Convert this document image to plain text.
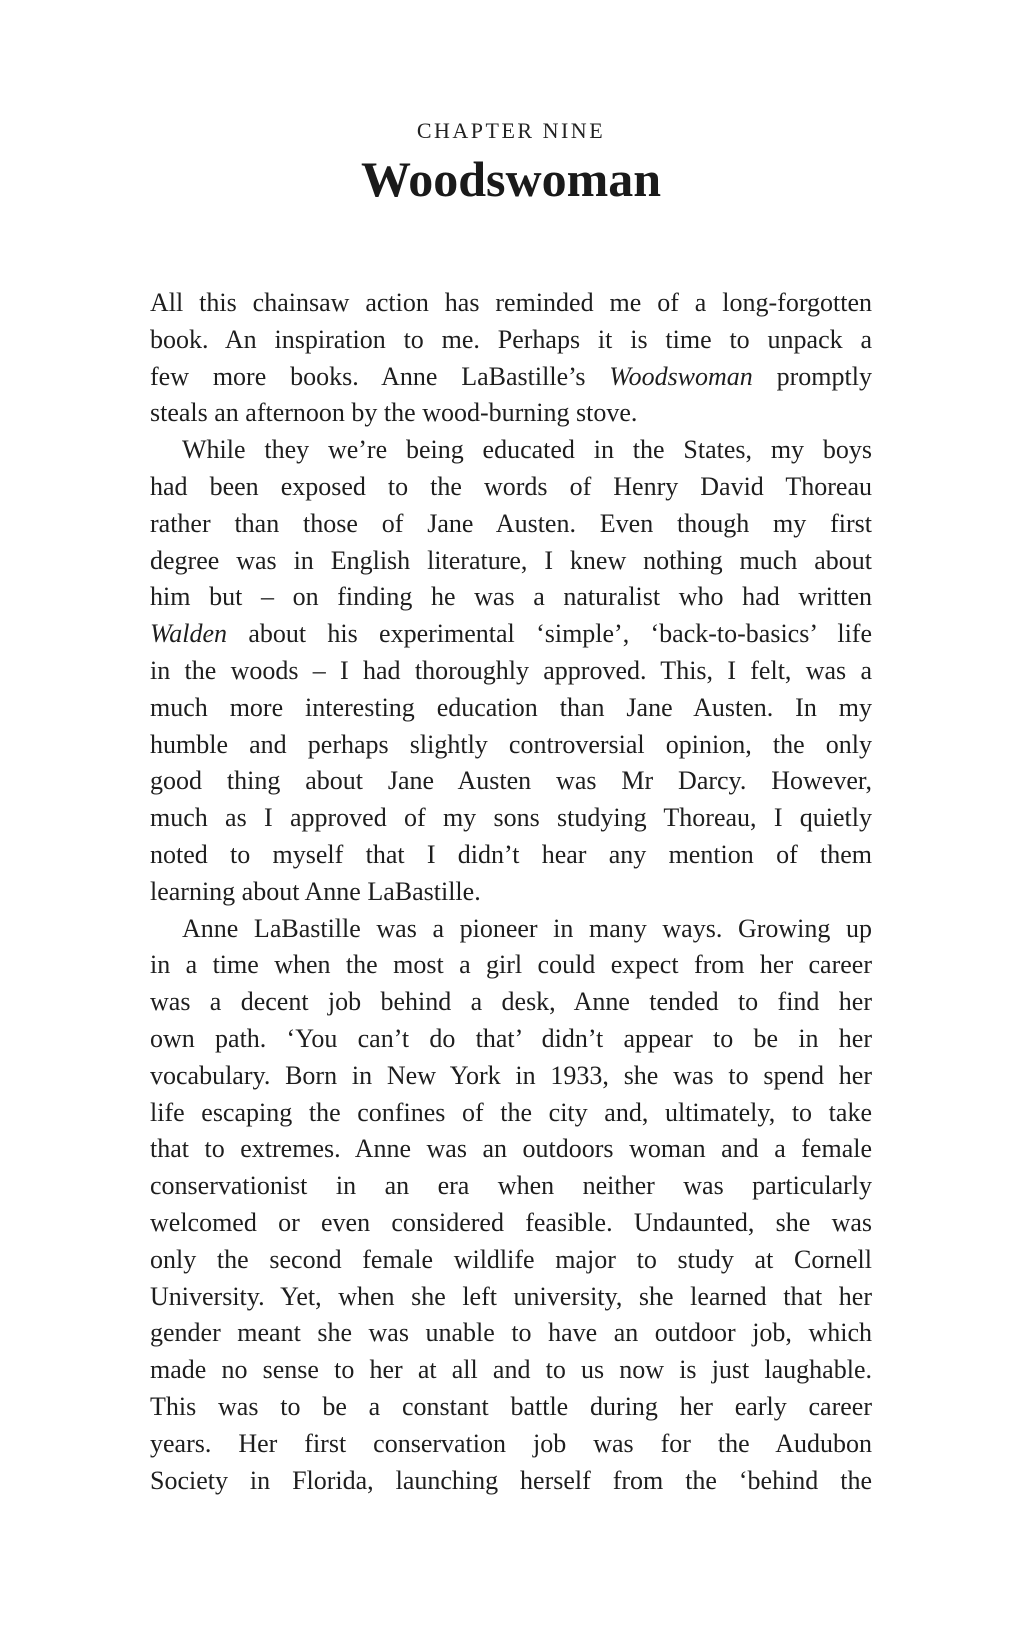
CHAPTER NINE
Woodswoman
All this chainsaw action has reminded me of a long-forgotten
book. An inspiration to me. Perhaps it is time to unpack a
few more books. Anne LaBastille’s Woodswoman promptly
steals an afternoon by the wood-burning stove.
While they we’re being educated in the States, my boys
had been exposed to the words of Henry David Thoreau
rather than those of Jane Austen. Even though my first
degree was in English literature, I knew nothing much about
him but – on finding he was a naturalist who had written
Walden about his experimental ‘simple’, ‘back-to-basics’ life
in the woods – I had thoroughly approved. This, I felt, was a
much more interesting education than Jane Austen. In my
humble and perhaps slightly controversial opinion, the only
good thing about Jane Austen was Mr Darcy. However,
much as I approved of my sons studying Thoreau, I quietly
noted to myself that I didn’t hear any mention of them
learning about Anne LaBastille.
Anne LaBastille was a pioneer in many ways. Growing up
in a time when the most a girl could expect from her career
was a decent job behind a desk, Anne tended to find her
own path. ‘You can’t do that’ didn’t appear to be in her
vocabulary. Born in New York in 1933, she was to spend her
life escaping the confines of the city and, ultimately, to take
that to extremes. Anne was an outdoors woman and a female
conservationist in an era when neither was particularly
welcomed or even considered feasible. Undaunted, she was
only the second female wildlife major to study at Cornell
University. Yet, when she left university, she learned that her
gender meant she was unable to have an outdoor job, which
made no sense to her at all and to us now is just laughable.
This was to be a constant battle during her early career
years. Her first conservation job was for the Audubon
Society in Florida, launching herself from the ‘behind the
